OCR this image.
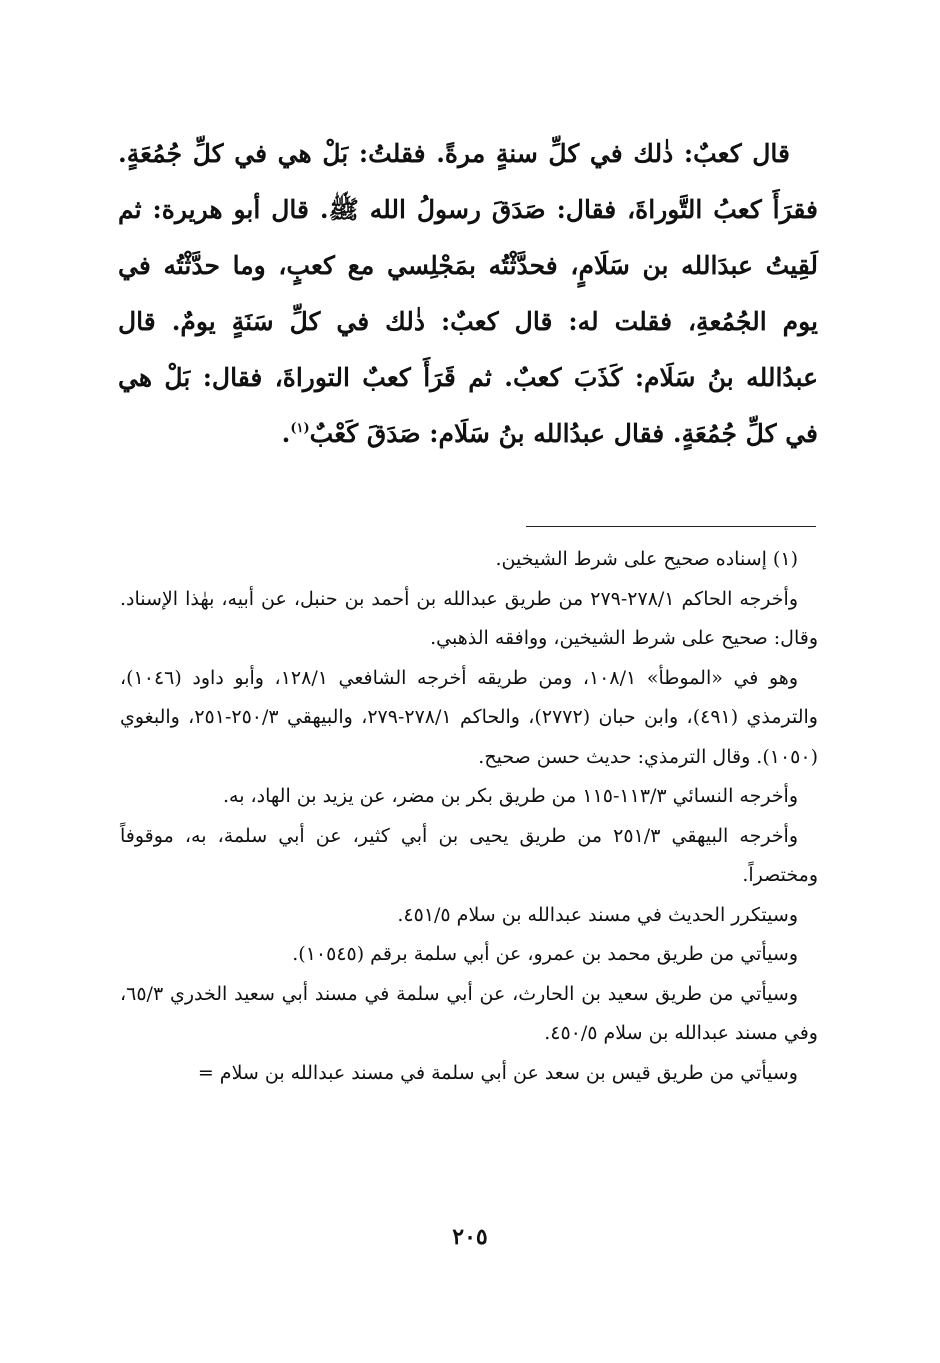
قال كعبٌ: ذٰلك في كلِّ سنةٍ مرةً. فقلتُ: بَلْ هي في كلِّ جُمُعَةٍ. فقرَأَ كعبُ التَّوراةَ، فقال: صَدَقَ رسولُ الله ﷺ. قال أبو هريرة: ثم لَقِيتُ عبدَالله بن سَلَامٍ، فحدَّثْتُه بمَجْلِسي مع كعبٍ، وما حدَّثْتُه في يوم الجُمُعةِ، فقلت له: قال كعبٌ: ذٰلك في كلِّ سَنَةٍ يومٌ. قال عبدُالله بنُ سَلَام: كَذَبَ كعبٌ. ثم قَرَأَ كعبٌ التوراةَ، فقال: بَلْ هي في كلِّ جُمُعَةٍ. فقال عبدُالله بنُ سَلَام: صَدَقَ كَعْبٌ$^{(١)}$.

(١) إسناده صحيح على شرط الشيخين.

وأخرجه الحاكم ٢٧٨/١-٢٧٩ من طريق عبدالله بن أحمد بن حنبل، عن أبيه، بهٰذا الإسناد. وقال: صحيح على شرط الشيخين، ووافقه الذهبي.

وهو في «الموطأ» ١٠٨/١، ومن طريقه أخرجه الشافعي ١٢٨/١، وأبو داود (١٠٤٦)، والترمذي (٤٩١)، وابن حبان (٢٧٧٢)، والحاكم ٢٧٨/١-٢٧٩، والبيهقي ٢٥٠/٣-٢٥١، والبغوي (١٠٥٠). وقال الترمذي: حديث حسن صحيح.

وأخرجه النسائي ١١٣/٣-١١٥ من طريق بكر بن مضر، عن يزيد بن الهاد، به.

وأخرجه البيهقي ٢٥١/٣ من طريق يحيى بن أبي كثير، عن أبي سلمة، به، موقوفاً ومختصراً.

وسيتكرر الحديث في مسند عبدالله بن سلام ٤٥١/٥.

وسيأتي من طريق محمد بن عمرو، عن أبي سلمة برقم (١٠٥٤٥).

وسيأتي من طريق سعيد بن الحارث، عن أبي سلمة في مسند أبي سعيد الخدري ٦٥/٣، وفي مسند عبدالله بن سلام ٤٥٠/٥.

وسيأتي من طريق قيس بن سعد عن أبي سلمة في مسند عبدالله بن سلام =

٢٠٥
